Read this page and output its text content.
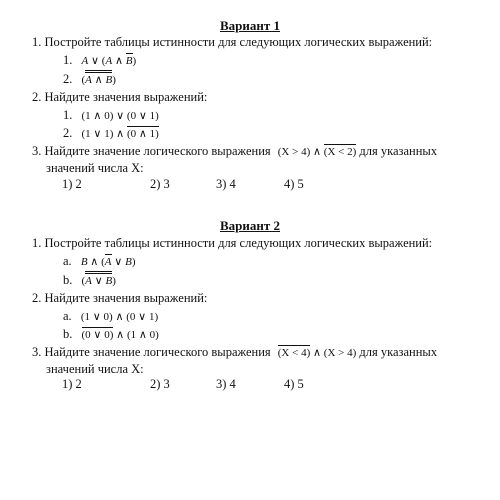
Вариант 1
1. Постройте таблицы истинности для следующих логических выражений:
1. A ∨ (A ∧ B)
2. (A ∧ B)
2. Найдите значения выражений:
1. (1 ∧ 0) ∨ (0 ∨ 1)
2. (1 ∨ 1) ∧ (0 ∧ 1)
3. Найдите значение логического выражения (X > 4) ∧ (X < 2) для указанных
значений числа X:
1) 2	2) 3	3) 4	4) 5
Вариант 2
1. Постройте таблицы истинности для следующих логических выражений:
a. B ∧ (A ∨ B)
b. (A ∨ B)
2. Найдите значения выражений:
a. (1 ∨ 0) ∧ (0 ∨ 1)
b. (0 ∨ 0) ∧ (1 ∧ 0)
3. Найдите значение логического выражения (X < 4) ∧ (X > 4) для указанных
значений числа X:
1) 2	2) 3	3) 4	4) 5
